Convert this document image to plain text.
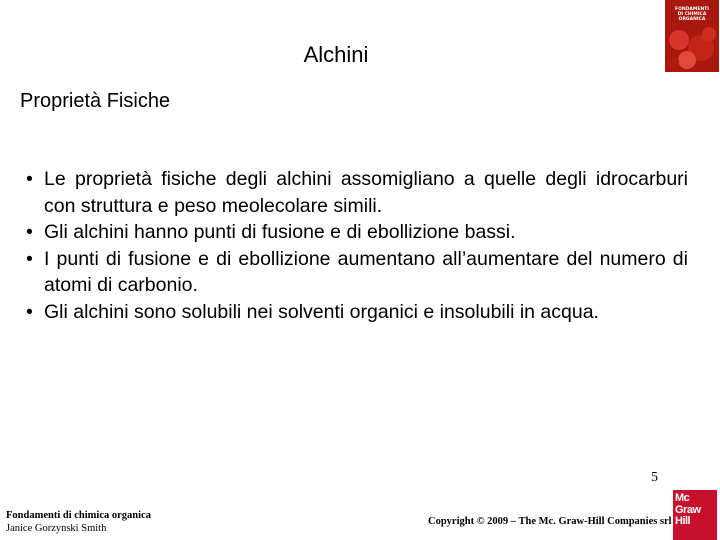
Alchini
Proprietà Fisiche
• Le proprietà fisiche degli alchini assomigliano a quelle degli idrocarburi con struttura e peso meolecolare simili.
• Gli alchini hanno punti di fusione e di ebollizione bassi.
• I punti di fusione e di ebollizione aumentano all’aumentare del numero di atomi di carbonio.
• Gli alchini sono solubili nei solventi organici e insolubili in acqua.
FONDAMENTI
DI CHIMICA
ORGANICA
Fondamenti di chimica organica
Janice Gorzynski Smith
5
Copyright © 2009 – The Mc. Graw-Hill Companies srl
Mc
Graw
Hill
